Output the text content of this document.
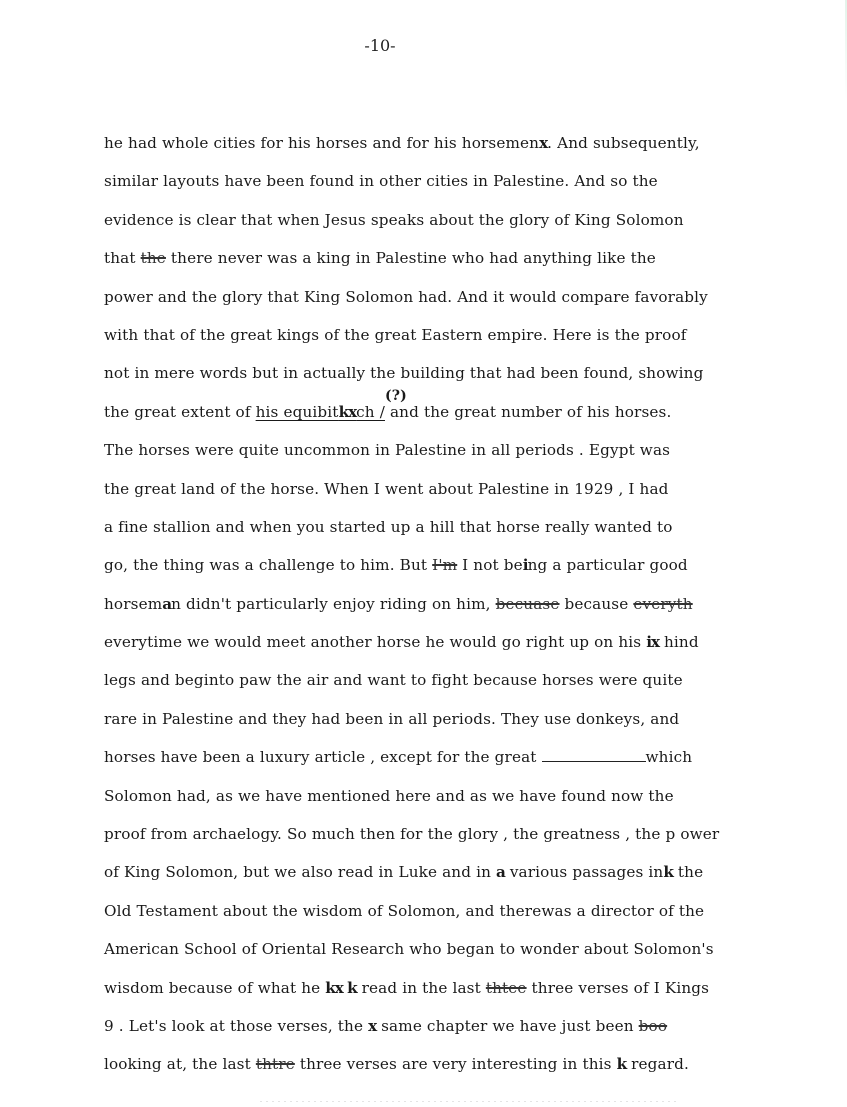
-10-
he had whole cities for his horses and for his horsemenx. And subsequently,
similar layouts have been found in other cities in Palestine. And so the
evidence is clear that when Jesus speaks about the glory of King Solomon
that the there never was a king in Palestine who had anything like the
power and the glory that King Solomon had. And it would compare favorably
with that of the great kings of the great Eastern empire. Here is the proof
not in mere words but in actually the building that had been found, showing
(?)
the great extent of his equibitkxch / and the great number of his horses.
The horses were quite uncommon in Palestine in all periods . Egypt was
the great land of the horse. When I went about Palestine in 1929 , I had
a fine stallion and when you started up a hill that horse really wanted to
go, the thing was a challenge to him. But I'm I not being a particular good
horseman didn't particularly enjoy riding on him, becuase because everyth
everytime we would meet another horse he would go right up on his ix hind
legs and beginto paw the air and want to fight because horses were quite
rare in Palestine and they had been in all periods. They use donkeys, and
horses have been a luxury article , except for the great	which
Solomon had, as we have mentioned here and as we have found now the
proof from archaelogy. So much then for the glory , the greatness , the p ower
of King Solomon, but we also read in Luke and in a various passages ink the
Old Testament about the wisdom of Solomon, and therewas a director of the
American School of Oriental Research who began to wonder about Solomon's
wisdom because of what he kx k read in the last thtee three verses of I Kings
9 . Let's look at those verses, the x same chapter we have just been boo
looking at, the last thtre three verses are very interesting in this k regard.
